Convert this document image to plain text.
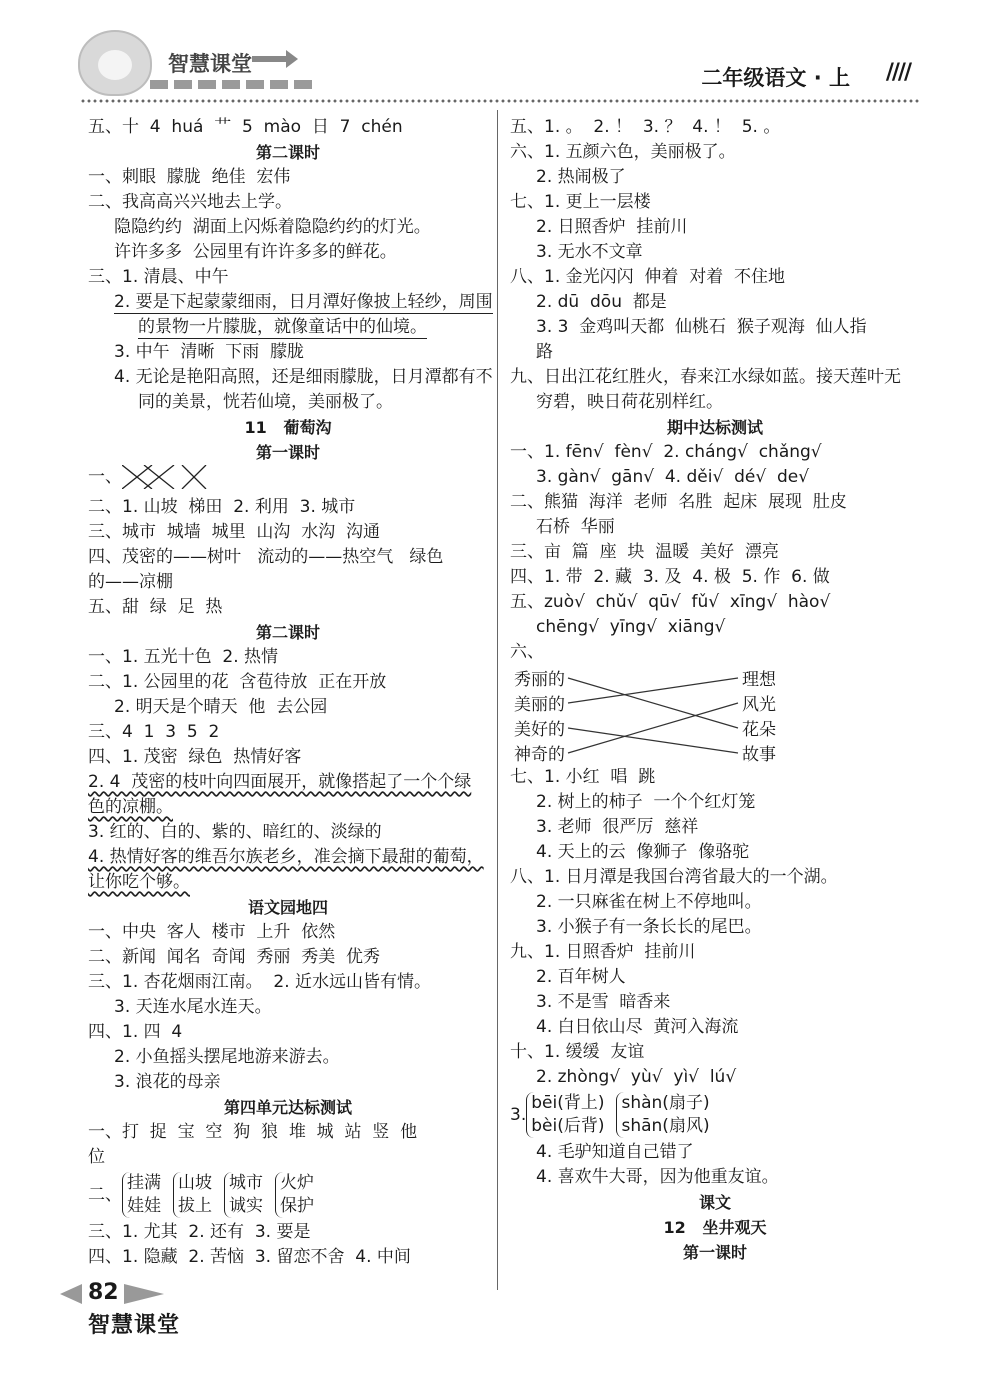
智慧课堂
二年级语文 · 上 ////
五、十  4  huá  艹  5  mào  日  7  chén
第二课时
一、刺眼  朦胧  绝佳  宏伟
二、我高高兴兴地去上学。
隐隐约约  湖面上闪烁着隐隐约约的灯光。
许许多多  公园里有许许多多的鲜花。
三、1. 清晨、中午
2. 要是下起蒙蒙细雨，日月潭好像披上轻纱，周围
的景物一片朦胧，就像童话中的仙境。
3. 中午  清晰  下雨  朦胧
4. 无论是艳阳高照，还是细雨朦胧，日月潭都有不
同的美景，恍若仙境，美丽极了。
11   葡萄沟
第一课时
一、
二、1. 山坡  梯田  2. 利用  3. 城市
三、城市  城墙  城里  山沟  水沟  沟通
四、茂密的——树叶   流动的——热空气   绿色
的——凉棚
五、甜  绿  足  热
第二课时
一、1. 五光十色  2. 热情
二、1. 公园里的花  含苞待放  正在开放
2. 明天是个晴天  他  去公园
三、4  1  3  5  2
四、1. 茂密  绿色  热情好客
2. 4  茂密的枝叶向四面展开，就像搭起了一个个绿
色的凉棚。
3. 红的、白的、紫的、暗红的、淡绿的
4. 热情好客的维吾尔族老乡，准会摘下最甜的葡萄，
让你吃个够。
语文园地四
一、中央  客人  楼市  上升  依然
二、新闻  闻名  奇闻  秀丽  秀美  优秀
三、1. 杏花烟雨江南。  2. 近水远山皆有情。
3. 天连水尾水连天。
四、1. 四  4
2. 小鱼摇头摆尾地游来游去。
3. 浪花的母亲
第四单元达标测试
一、打  捉  宝  空  狗  狼  堆  城  站  竖  他
位
二、
挂满
娃娃
山坡
拔上
城市
诚实
火炉
保护
三、1. 尤其  2. 还有  3. 要是
四、1. 隐藏  2. 苦恼  3. 留恋不舍  4. 中间
五、1. 。  2. ！  3. ？  4. ！  5. 。
六、1. 五颜六色，美丽极了。
2. 热闹极了
七、1. 更上一层楼
2. 日照香炉  挂前川
3. 无水不文章
八、1. 金光闪闪  伸着  对着  不住地
2. dū  dōu  都是
3. 3  金鸡叫天都  仙桃石  猴子观海  仙人指
路
九、日出江花红胜火，春来江水绿如蓝。接天莲叶无
穷碧，映日荷花别样红。
期中达标测试
一、1. fēn√  fèn√  2. cháng√  chǎng√
3. gàn√  gān√  4. děi√  dé√  de√
二、熊猫  海洋  老师  名胜  起床  展现  肚皮
石桥  华丽
三、亩  篇  座  块  温暖  美好  漂亮
四、1. 带  2. 藏  3. 及  4. 极  5. 作  6. 做
五、zuò√  chǔ√  qū√  fǔ√  xīng√  hào√
chēng√  yīng√  xiāng√
六、
秀丽的
美丽的
美好的
神奇的
理想
风光
花朵
故事
七、1. 小红  唱  跳
2. 树上的柿子  一个个红灯笼
3. 老师  很严厉  慈祥
4. 天上的云  像狮子  像骆驼
八、1. 日月潭是我国台湾省最大的一个湖。
2. 一只麻雀在树上不停地叫。
3. 小猴子有一条长长的尾巴。
九、1. 日照香炉  挂前川
2. 百年树人
3. 不是雪  暗香来
4. 白日依山尽  黄河入海流
十、1. 缓缓  友谊
2. zhòng√  yù√  yì√  lú√
3.
bēi(背上)
bèi(后背)
shàn(扇子)
shān(扇风)
4. 毛驴知道自己错了
4. 喜欢牛大哥，因为他重友谊。
课文
12   坐井观天
第一课时
82
智慧课堂
